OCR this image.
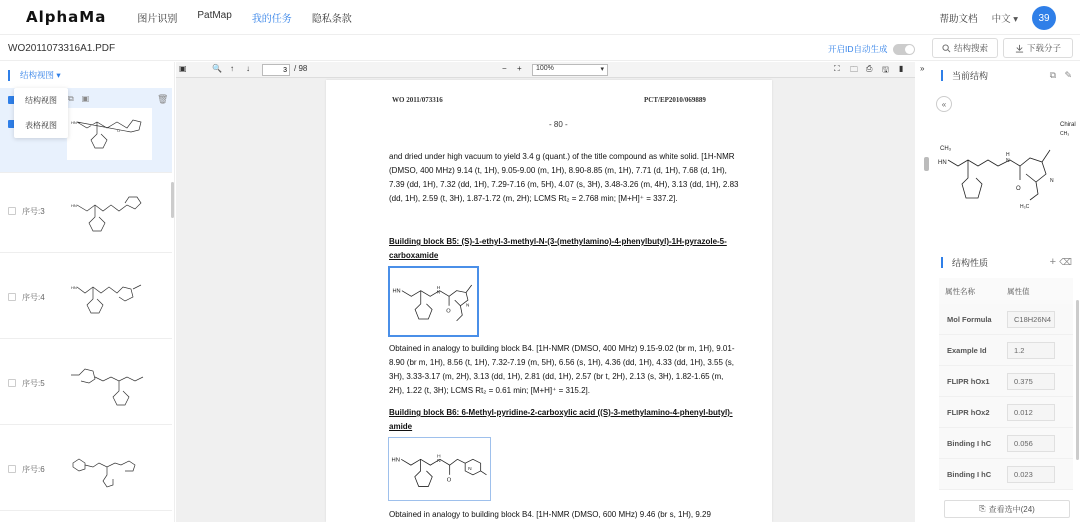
AlphaMa	图片识别 PatMap 我的任务 隐私条款	帮助文档 中文 ▾	39
WO2011073316A1.PDF	开启ID自动生成	结构搜索	下载分子
结构视图 ▾
⧉ ▣	🗑
HN
O
结构视图
表格视图
序号:3
⊕
HN
序号:4
⊕
HN
序号:5
⊕
序号:6
⊕
▣	🔍 ↑ ↓
3	/ 98	− +	100%	▾	⛶ 🗀 ⎙ 🖫 ▮ »
WO 2011/073316	PCT/EP2010/069889
- 80 -
and dried under high vacuum to yield 3.4 g (quant.) of the title compound as white solid. [1H-NMR (DMSO, 400 MHz) 9.14 (t, 1H), 9.05-9.00 (m, 1H), 8.90-8.85 (m, 1H), 7.71 (d, 1H), 7.68 (d, 1H), 7.39 (dd, 1H), 7.32 (dd, 1H), 7.29-7.16 (m, 5H), 4.07 (s, 3H), 3.48-3.26 (m, 4H), 3.13 (dd, 1H), 2.83 (dd, 1H), 2.59 (t, 3H), 1.87-1.72 (m, 2H); LCMS Rt₂ = 2.768 min; [M+H]⁺ = 337.2].
Building block B5: (S)-1-ethyl-3-methyl-N-(3-(methylamino)-4-phenylbutyl)-1H-pyrazole-5-carboxamide
HN
O
H
N
N
Obtained in analogy to building block B4. [1H-NMR (DMSO, 400 MHz) 9.15-9.02 (br m, 1H), 9.01-8.90 (br m, 1H), 8.56 (t, 1H), 7.32-7.19 (m, 5H), 6.56 (s, 1H), 4.36 (dd, 1H), 4.33 (dd, 1H), 3.55 (s, 3H), 3.33-3.17 (m, 2H), 3.13 (dd, 1H), 2.81 (dd, 1H), 2.57 (br t, 2H), 2.13 (s, 3H), 1.82-1.65 (m, 2H), 1.22 (t, 3H); LCMS Rt₂ = 0.61 min; [M+H]⁺ = 315.2].
Building block B6: 6-Methyl-pyridine-2-carboxylic acid ((S)-3-methylamino-4-phenyl-butyl)-amide
HN
O
H
N
N
Obtained in analogy to building block B4. [1H-NMR (DMSO, 600 MHz) 9.46 (br s, 1H), 9.29
当前结构	⧉ ✎
Chiral
CH₃
HN
O
H
N
N
CH₃
H₃C
结构性质	+ ⌫
属性名称	属性值
Mol Formula	C18H26N4
Example Id	1.2
FLIPR hOx1	0.375
FLIPR hOx2	0.012
Binding I hC	0.056
Binding I hC	0.023
«
⎘ 查看选中(24)
